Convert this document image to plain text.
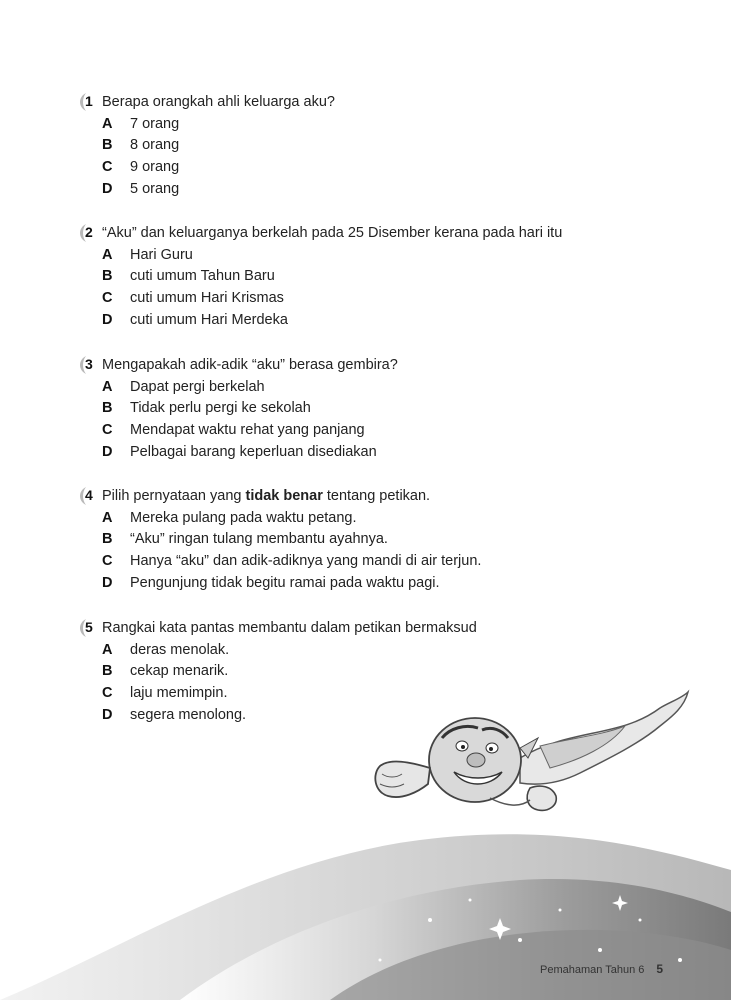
1 Berapa orangkah ahli keluarga aku?
A	7 orang
B	8 orang
C	9 orang
D	5 orang
2 “Aku” dan keluarganya berkelah pada 25 Disember kerana pada hari itu
A	Hari Guru
B	cuti umum Tahun Baru
C	cuti umum Hari Krismas
D	cuti umum Hari Merdeka
3 Mengapakah adik-adik “aku” berasa gembira?
A	Dapat pergi berkelah
B	Tidak perlu pergi ke sekolah
C	Mendapat waktu rehat yang panjang
D	Pelbagai barang keperluan disediakan
4 Pilih pernyataan yang tidak benar tentang petikan.
A	Mereka pulang pada waktu petang.
B	“Aku” ringan tulang membantu ayahnya.
C	Hanya “aku” dan adik-adiknya yang mandi di air terjun.
D	Pengunjung tidak begitu ramai pada waktu pagi.
5 Rangkai kata pantas membantu dalam petikan bermaksud
A	deras menolak.
B	cekap menarik.
C	laju memimpin.
D	segera menolong.
Pemahaman Tahun 6 5
